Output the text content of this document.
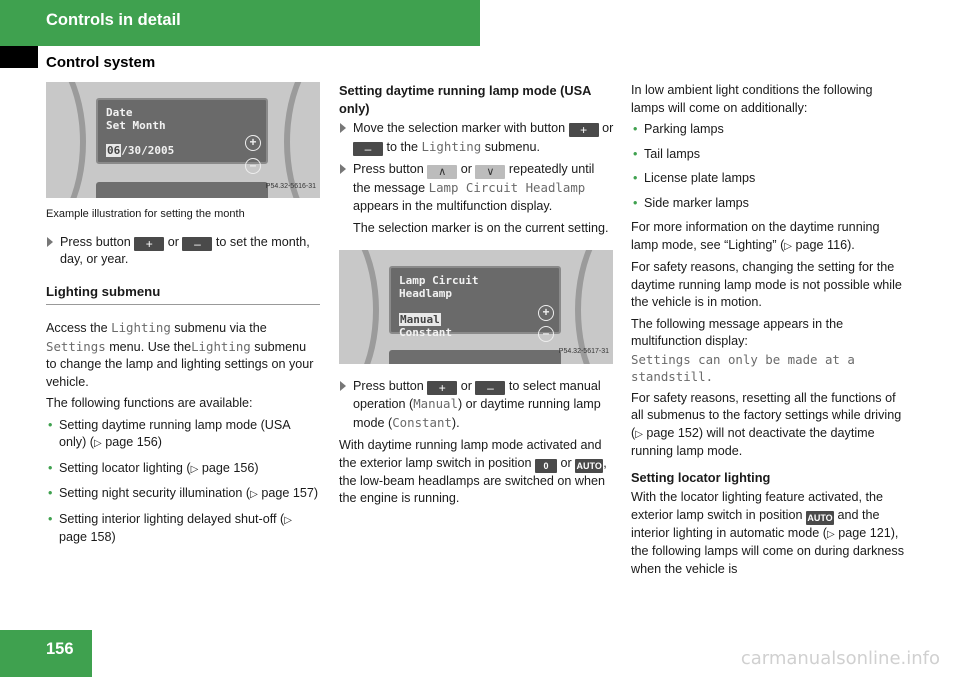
Controls in detail
Control system
Date
Set Month
06/30/2005
+
–
P54.32-5616-31

Example illustration for setting the month

Press button + or – to set the month, day, or year.
Lighting submenu

Access the Lighting submenu via the Settings menu. Use theLighting submenu to change the lamp and lighting settings on your vehicle.

The following functions are available:

• Setting daytime running lamp mode (USA only) (▷ page 156)
• Setting locator lighting (▷ page 156)
• Setting night security illumination (▷ page 157)
• Setting interior lighting delayed shut-off (▷ page 158)
Setting daytime running lamp mode (USA only)
Move the selection marker with button + or – to the Lighting submenu.
Press button ∧ or ∨ repeatedly until the message Lamp Circuit Headlamp appears in the multifunction display.

The selection marker is on the current setting.

Lamp Circuit
Headlamp
Manual
Constant
+
–
P54.32-5617-31
Press button + or – to select manual operation (Manual) or daytime running lamp mode (Constant).

With daytime running lamp mode activated and the exterior lamp switch in position 0 or AUTO, the low-beam headlamps are switched on when the engine is running.

In low ambient light conditions the following lamps will come on additionally:

• Parking lamps
• Tail lamps
• License plate lamps
• Side marker lamps

For more information on the daytime running lamp mode, see “Lighting” (▷ page 116).

For safety reasons, changing the setting for the daytime running lamp mode is not possible while the vehicle is in motion.

The following message appears in the multifunction display:

Settings can only be made at a standstill.

For safety reasons, resetting all the functions of all submenus to the factory settings while driving (▷ page 152) will not deactivate the daytime running lamp mode.

Setting locator lighting

With the locator lighting feature activated, the exterior lamp switch in position AUTO and the interior lighting in automatic mode (▷ page 121), the following lamps will come on during darkness when the vehicle is

156	carmanualsonline.info
